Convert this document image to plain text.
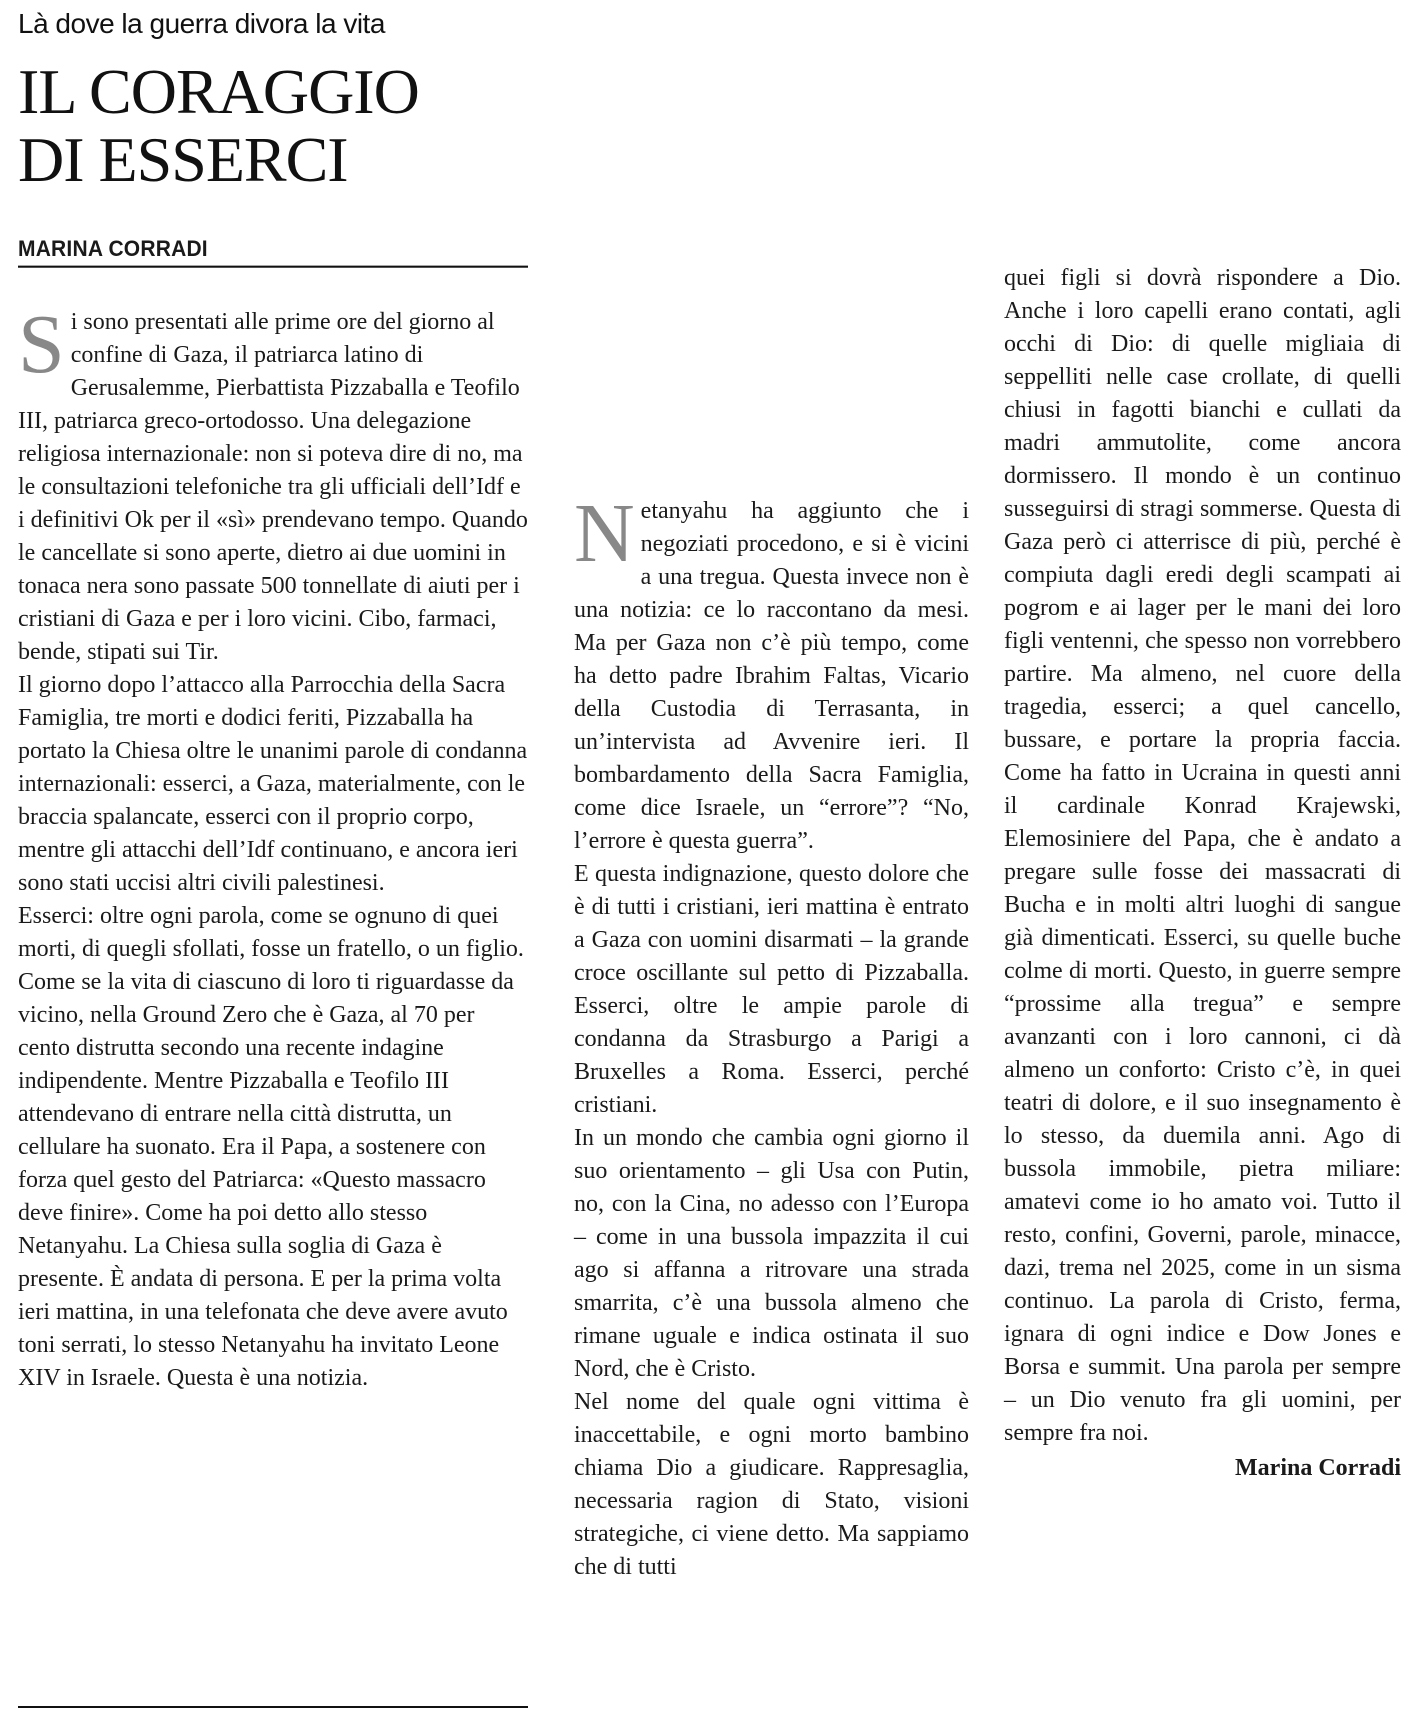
Là dove la guerra divora la vita
IL CORAGGIO
DI ESSERCI
MARINA CORRADI

S i sono presentati alle prime ore del giorno al confine di Gaza, il patriarca latino di Gerusalemme, Pierbattista Pizzaballa e Teofilo III, patriarca greco-ortodosso. Una delegazione religiosa internazionale: non si poteva dire di no, ma le consultazioni telefoniche tra gli ufficiali dell’Idf e i definitivi Ok per il «sì» prendevano tempo. Quando le cancellate si sono aperte, dietro ai due uomini in tonaca nera sono passate 500 tonnellate di aiuti per i cristiani di Gaza e per i loro vicini. Cibo, farmaci, bende, stipati sui Tir.

Il giorno dopo l’attacco alla Parrocchia della Sacra Famiglia, tre morti e dodici feriti, Pizzaballa ha portato la Chiesa oltre le unanimi parole di condanna internazionali: esserci, a Gaza, materialmente, con le braccia spalancate, esserci con il proprio corpo, mentre gli attacchi dell’Idf continuano, e ancora ieri sono stati uccisi altri civili palestinesi.

Esserci: oltre ogni parola, come se ognuno di quei morti, di quegli sfollati, fosse un fratello, o un figlio. Come se la vita di ciascuno di loro ti riguardasse da vicino, nella Ground Zero che è Gaza, al 70 per cento distrutta secondo una recente indagine indipendente. Mentre Pizzaballa e Teofilo III attendevano di entrare nella città distrutta, un cellulare ha suonato. Era il Papa, a sostenere con forza quel gesto del Patriarca: «Questo massacro deve finire». Come ha poi detto allo stesso Netanyahu. La Chiesa sulla soglia di Gaza è presente. È andata di persona. E per la prima volta ieri mattina, in una telefonata che deve avere avuto toni serrati, lo stesso Netanyahu ha invitato Leone XIV in Israele. Questa è una notizia.

N etanyahu ha aggiunto che i negoziati procedono, e si è vicini a una tregua. Questa invece non è una notizia: ce lo raccontano da mesi. Ma per Gaza non c’è più tempo, come ha detto padre Ibrahim Faltas, Vicario della Custodia di Terrasanta, in un’intervista ad Avvenire ieri. Il bombardamento della Sacra Famiglia, come dice Israele, un “errore”? “No, l’errore è questa guerra”.

E questa indignazione, questo dolore che è di tutti i cristiani, ieri mattina è entrato a Gaza con uomini disarmati – la grande croce oscillante sul petto di Pizzaballa. Esserci, oltre le ampie parole di condanna da Strasburgo a Parigi a Bruxelles a Roma. Esserci, perché cristiani.

In un mondo che cambia ogni giorno il suo orientamento – gli Usa con Putin, no, con la Cina, no adesso con l’Europa – come in una bussola impazzita il cui ago si affanna a ritrovare una strada smarrita, c’è una bussola almeno che rimane uguale e indica ostinata il suo Nord, che è Cristo.

Nel nome del quale ogni vittima è inaccettabile, e ogni morto bambino chiama Dio a giudicare. Rappresaglia, necessaria ragion di Stato, visioni strategiche, ci viene detto. Ma sappiamo che di tutti

quei figli si dovrà rispondere a Dio. Anche i loro capelli erano contati, agli occhi di Dio: di quelle migliaia di seppelliti nelle case crollate, di quelli chiusi in fagotti bianchi e cullati da madri ammutolite, come ancora dormissero. Il mondo è un continuo susseguirsi di stragi sommerse. Questa di Gaza però ci atterrisce di più, perché è compiuta dagli eredi degli scampati ai pogrom e ai lager per le mani dei loro figli ventenni, che spesso non vorrebbero partire. Ma almeno, nel cuore della tragedia, esserci; a quel cancello, bussare, e portare la propria faccia. Come ha fatto in Ucraina in questi anni il cardinale Konrad Krajewski, Elemosiniere del Papa, che è andato a pregare sulle fosse dei massacrati di Bucha e in molti altri luoghi di sangue già dimenticati. Esserci, su quelle buche colme di morti. Questo, in guerre sempre “prossime alla tregua” e sempre avanzanti con i loro cannoni, ci dà almeno un conforto: Cristo c’è, in quei teatri di dolore, e il suo insegnamento è lo stesso, da duemila anni. Ago di bussola immobile, pietra miliare: amatevi come io ho amato voi. Tutto il resto, confini, Governi, parole, minacce, dazi, trema nel 2025, come in un sisma continuo. La parola di Cristo, ferma, ignara di ogni indice e Dow Jones e Borsa e summit. Una parola per sempre – un Dio venuto fra gli uomini, per sempre fra noi.

Marina Corradi
